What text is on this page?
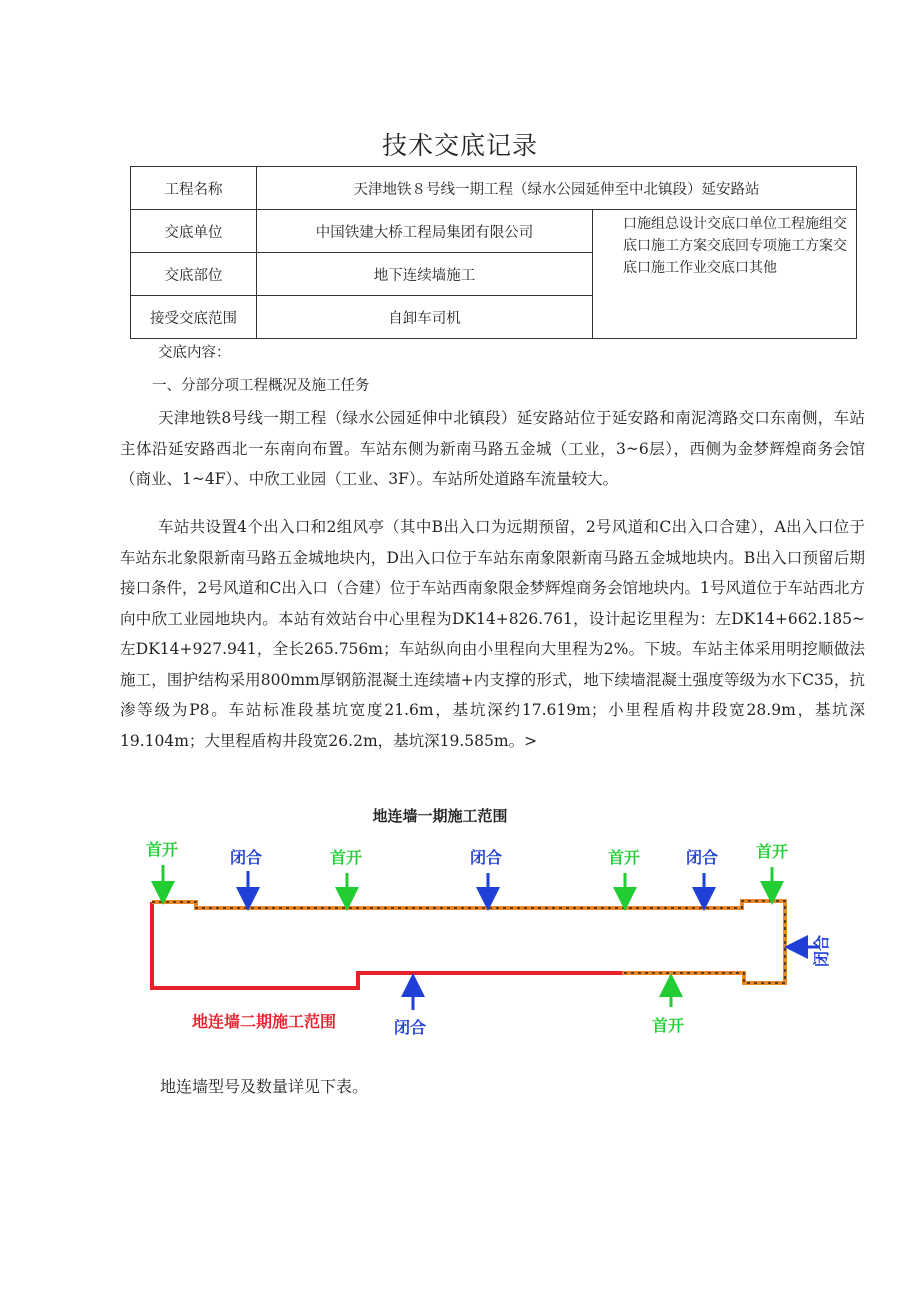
技术交底记录
工程名称	天津地铁８号线一期工程（绿水公园延伸至中北镇段）延安路站	
交底单位	中国铁建大桥工程局集团有限公司	口施组总设计交底口单位工程施组交底口施工方案交底回专项施工方案交底口施工作业交底口其他
交底部位	地下连续墙施工	
接受交底范围	自卸车司机	
交底内容：
一、分部分项工程概况及施工任务
天津地铁8号线一期工程（绿水公园延伸中北镇段）延安路站位于延安路和南泥湾路交口东南侧，车站主体沿延安路西北一东南向布置。车站东侧为新南马路五金城（工业，3~6层），西侧为金梦辉煌商务会馆（商业、1~4F）、中欣工业园（工业、3F）。车站所处道路车流量较大。
车站共设置4个出入口和2组风亭（其中B出入口为远期预留，2号风道和C出入口合建），A出入口位于车站东北象限新南马路五金城地块内，D出入口位于车站东南象限新南马路五金城地块内。B出入口预留后期接口条件，2号风道和C出入口（合建）位于车站西南象限金梦辉煌商务会馆地块内。1号风道位于车站西北方向中欣工业园地块内。本站有效站台中心里程为DK14+826.761，设计起讫里程为：左DK14+662.185~左DK14+927.941，全长265.756m；车站纵向由小里程向大里程为2%。下坡。车站主体采用明挖顺做法施工，围护结构采用800mm厚钢筋混凝土连续墙+内支撑的形式，地下续墙混凝土强度等级为水下C35，抗渗等级为P8。车站标准段基坑宽度21.6m，基坑深约17.619m；小里程盾构井段宽28.9m，基坑深19.104m；大里程盾构井段宽26.2m，基坑深19.585m。>
地连墙一期施工范围
首开	闭合	首开	闭合	首开	闭合 首开
闭合
闭合	首开
地连墙二期施工范围
地连墙型号及数量详见下表。
